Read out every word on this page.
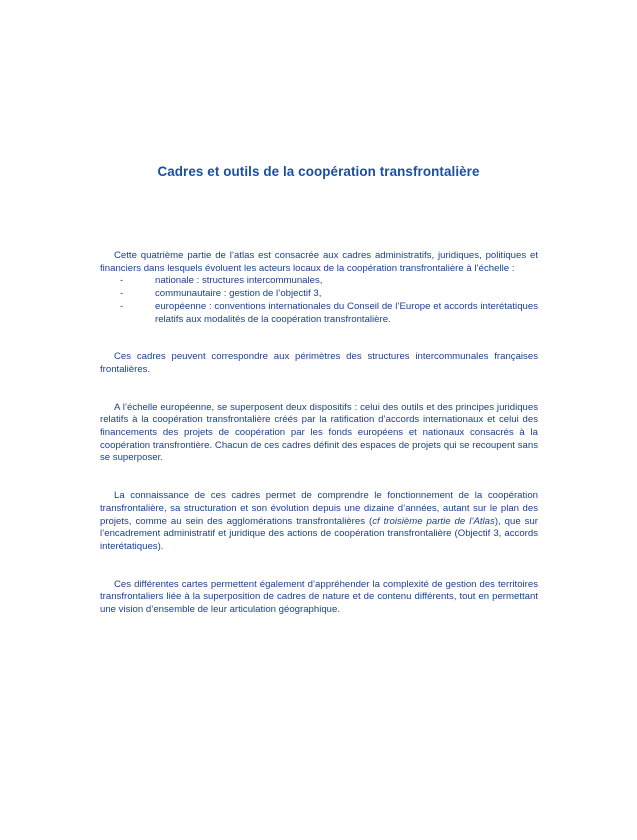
Cadres et outils de la coopération transfrontalière

Cette quatrième partie de l’atlas est consacrée aux cadres administratifs, juridiques, politiques et financiers dans lesquels évoluent les acteurs locaux de la coopération transfrontalière à l’échelle :

-	nationale : structures intercommunales,
-	communautaire : gestion de l’objectif 3,
-	européenne : conventions internationales du Conseil de l’Europe et accords interétatiques relatifs aux modalités de la coopération transfrontalière.

Ces cadres peuvent correspondre aux périmètres des structures intercommunales françaises frontalières.

A l’échelle européenne, se superposent deux dispositifs : celui des outils et des principes juridiques relatifs à la coopération transfrontalière créés par la ratification d’accords internationaux et celui des financements des projets de coopération par les fonds européens et nationaux consacrés à la coopération transfrontière. Chacun de ces cadres définit des espaces de projets qui se recoupent sans se superposer.

La connaissance de ces cadres permet de comprendre le fonctionnement de la coopération transfrontalière, sa structuration et son évolution depuis une dizaine d’années, autant sur le plan des projets, comme au sein des agglomérations transfrontalières (cf troisième partie de l’Atlas), que sur l’encadrement administratif et juridique des actions de coopération transfrontalière (Objectif 3, accords interétatiques).

Ces différentes cartes permettent également d’appréhender la complexité de gestion des territoires transfrontaliers liée à la superposition de cadres de nature et de contenu différents, tout en permettant une vision d’ensemble de leur articulation géographique.
